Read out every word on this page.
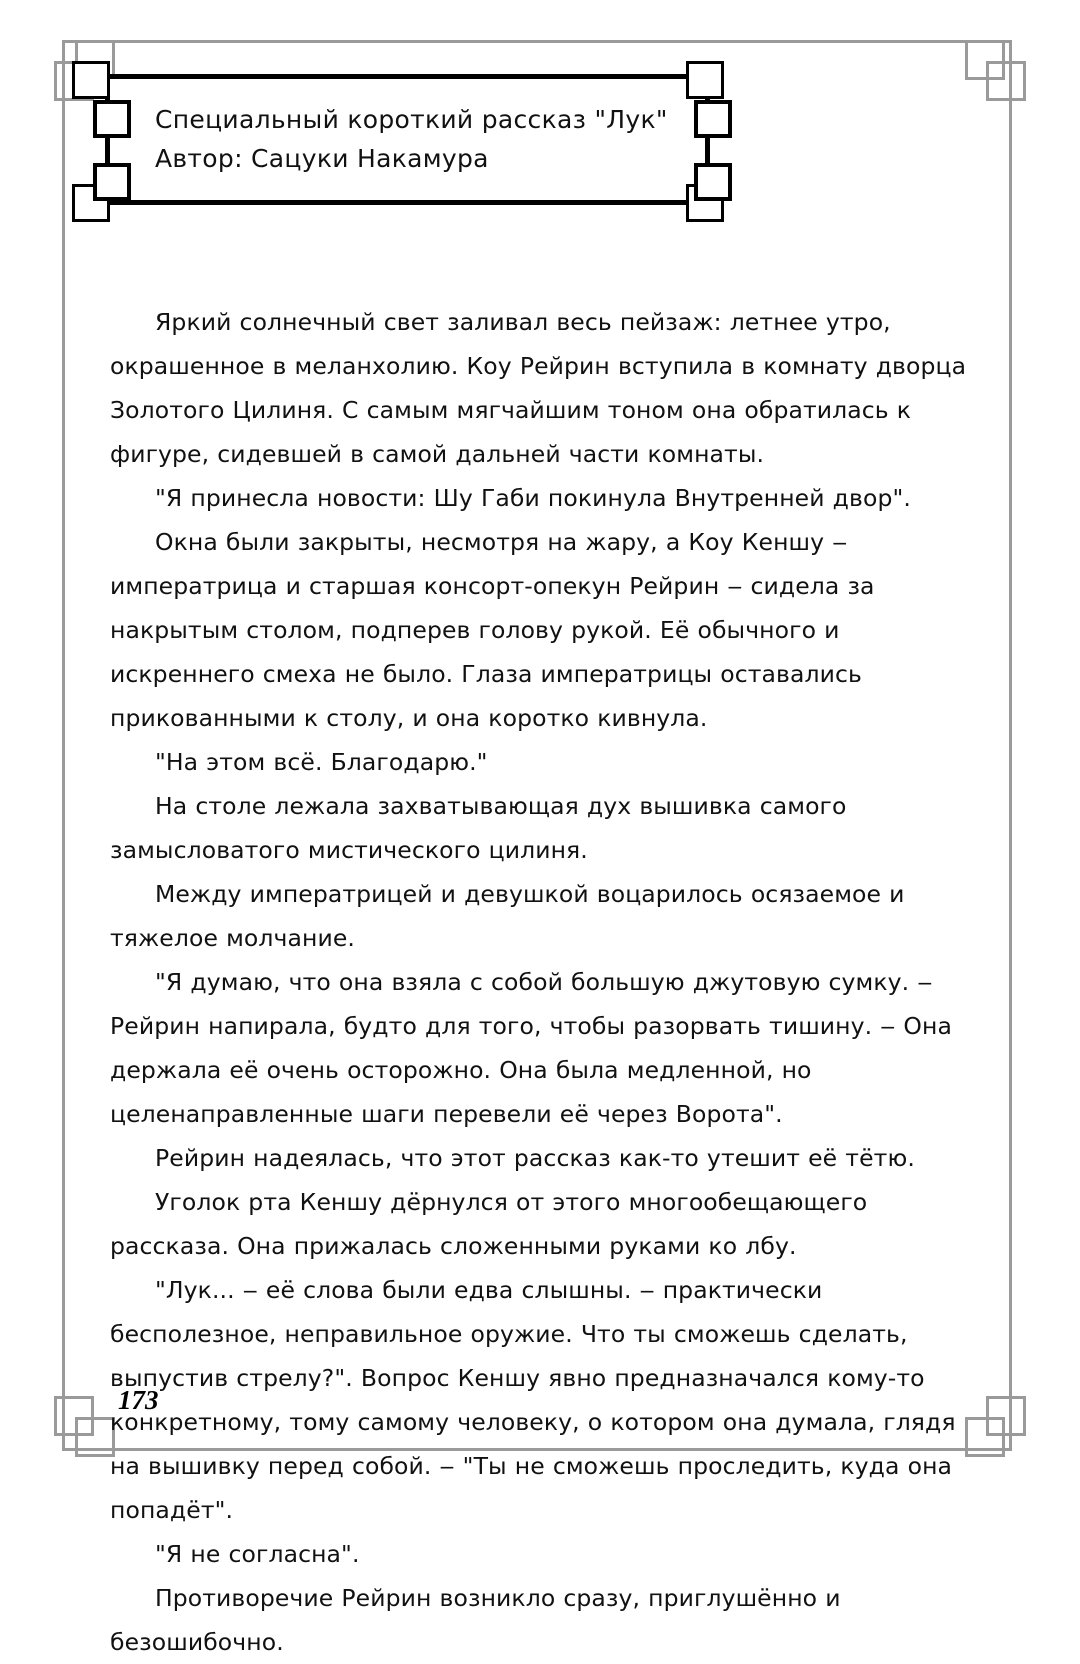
Специальный короткий рассказ "Лук"
Автор: Сацуки Накамура

Яркий солнечный свет заливал весь пейзаж: летнее утро, окрашенное в меланхолию. Коу Рейрин вступила в комнату дворца Золотого Цилиня. С самым мягчайшим тоном она обратилась к фигуре, сидевшей в самой дальней части комнаты.

"Я принесла новости: Шу Габи покинула Внутренней двор".

Окна были закрыты, несмотря на жару, а Коу Кеншу ‒ императрица и старшая консорт-опекун Рейрин ‒ сидела за накрытым столом, подперев голову рукой. Её обычного и искреннего смеха не было. Глаза императрицы оставались прикованными к столу, и она коротко кивнула.

"На этом всё. Благодарю."

На столе лежала захватывающая дух вышивка самого замысловатого мистического цилиня.

Между императрицей и девушкой воцарилось осязаемое и тяжелое молчание.

"Я думаю, что она взяла с собой большую джутовую сумку. ‒ Рейрин напирала, будто для того, чтобы разорвать тишину. ‒ Она держала её очень осторожно. Она была медленной, но целенаправленные шаги перевели её через Ворота".

Рейрин надеялась, что этот рассказ как-то утешит её тётю.

Уголок рта Кеншу дёрнулся от этого многообещающего рассказа. Она прижалась сложенными руками ко лбу.

"Лук... ‒ её слова были едва слышны. ‒ практически бесполезное, неправильное оружие. Что ты сможешь сделать, выпустив стрелу?". Вопрос Кеншу явно предназначался кому-то конкретному, тому самому человеку, о котором она думала, глядя на вышивку перед собой. ‒ "Ты не сможешь проследить, куда она попадёт".

"Я не согласна".

Противоречие Рейрин возникло сразу, приглушённо и безошибочно.

173
